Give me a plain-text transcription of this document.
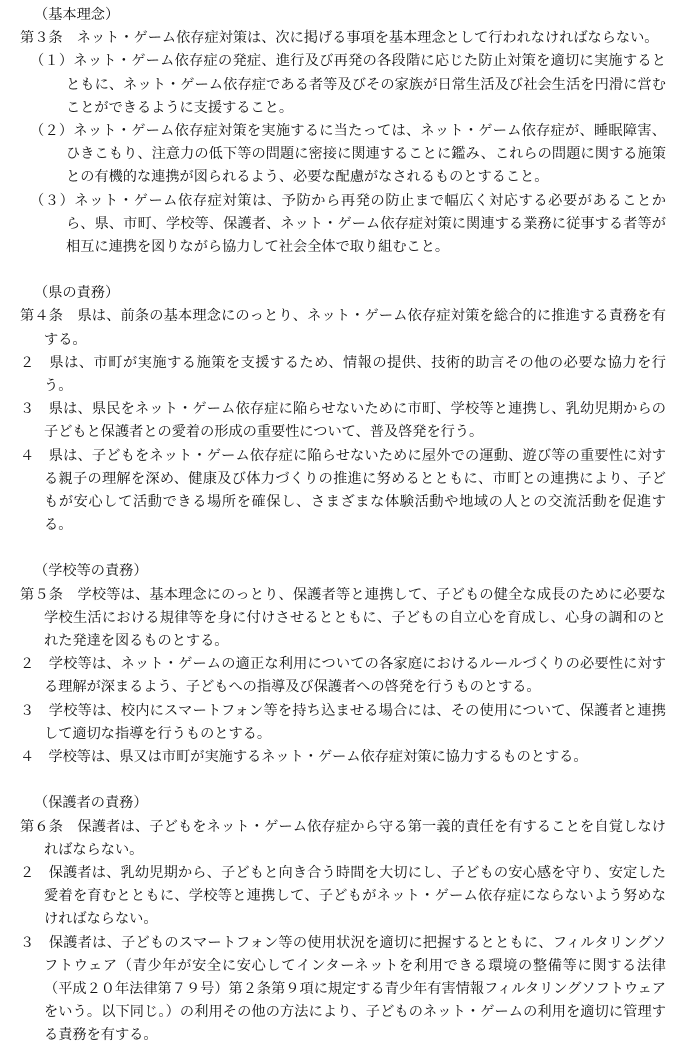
（基本理念）

第３条　ネット・ゲーム依存症対策は、次に掲げる事項を基本理念として行われなければならない。

（１）ネット・ゲーム依存症の発症、進行及び再発の各段階に応じた防止対策を適切に実施するとともに、ネット・ゲーム依存症である者等及びその家族が日常生活及び社会生活を円滑に営むことができるように支援すること。

（２）ネット・ゲーム依存症対策を実施するに当たっては、ネット・ゲーム依存症が、睡眠障害、ひきこもり、注意力の低下等の問題に密接に関連することに鑑み、これらの問題に関する施策との有機的な連携が図られるよう、必要な配慮がなされるものとすること。

（３）ネット・ゲーム依存症対策は、予防から再発の防止まで幅広く対応する必要があることから、県、市町、学校等、保護者、ネット・ゲーム依存症対策に関連する業務に従事する者等が相互に連携を図りながら協力して社会全体で取り組むこと。

（県の責務）

第４条　県は、前条の基本理念にのっとり、ネット・ゲーム依存症対策を総合的に推進する責務を有する。

２　県は、市町が実施する施策を支援するため、情報の提供、技術的助言その他の必要な協力を行う。

３　県は、県民をネット・ゲーム依存症に陥らせないために市町、学校等と連携し、乳幼児期からの子どもと保護者との愛着の形成の重要性について、普及啓発を行う。

４　県は、子どもをネット・ゲーム依存症に陥らせないために屋外での運動、遊び等の重要性に対する親子の理解を深め、健康及び体力づくりの推進に努めるとともに、市町との連携により、子どもが安心して活動できる場所を確保し、さまざまな体験活動や地域の人との交流活動を促進する。

（学校等の責務）

第５条　学校等は、基本理念にのっとり、保護者等と連携して、子どもの健全な成長のために必要な学校生活における規律等を身に付けさせるとともに、子どもの自立心を育成し、心身の調和のとれた発達を図るものとする。

２　学校等は、ネット・ゲームの適正な利用についての各家庭におけるルールづくりの必要性に対する理解が深まるよう、子どもへの指導及び保護者への啓発を行うものとする。

３　学校等は、校内にスマートフォン等を持ち込ませる場合には、その使用について、保護者と連携して適切な指導を行うものとする。

４　学校等は、県又は市町が実施するネット・ゲーム依存症対策に協力するものとする。

（保護者の責務）

第６条　保護者は、子どもをネット・ゲーム依存症から守る第一義的責任を有することを自覚しなければならない。

２　保護者は、乳幼児期から、子どもと向き合う時間を大切にし、子どもの安心感を守り、安定した愛着を育むとともに、学校等と連携して、子どもがネット・ゲーム依存症にならないよう努めなければならない。

３　保護者は、子どものスマートフォン等の使用状況を適切に把握するとともに、フィルタリングソフトウェア（青少年が安全に安心してインターネットを利用できる環境の整備等に関する法律（平成２０年法律第７９号）第２条第９項に規定する青少年有害情報フィルタリングソフトウェアをいう。以下同じ。）の利用その他の方法により、子どものネット・ゲームの利用を適切に管理する責務を有する。
